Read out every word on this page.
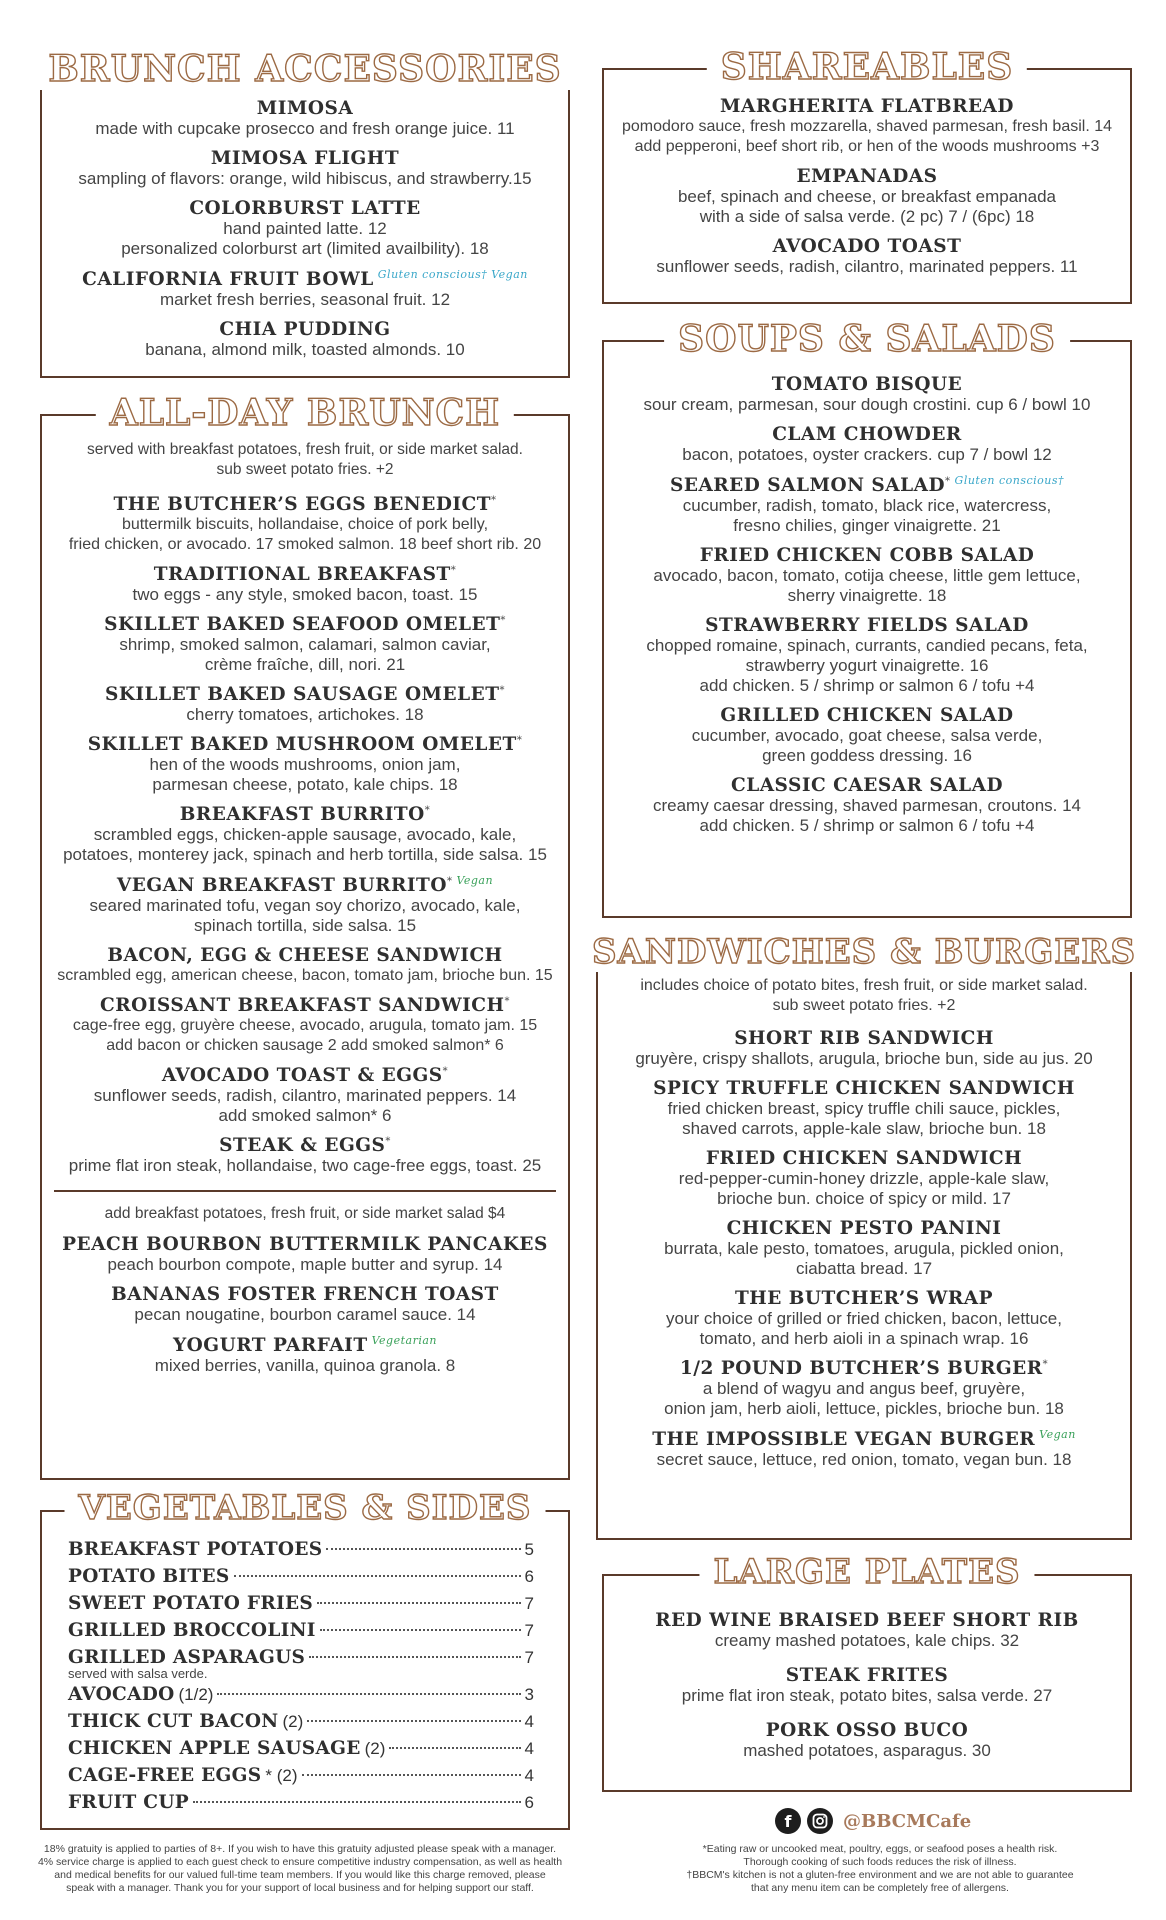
BRUNCH ACCESSORIES
MIMOSA
made with cupcake prosecco and fresh orange juice. 11
MIMOSA FLIGHT
sampling of flavors: orange, wild hibiscus, and strawberry.15
COLORBURST LATTE
hand painted latte. 12
personalized colorburst art (limited availbility). 18
CALIFORNIA FRUIT BOWL $^{Gluten conscious\dagger Vegan}$
market fresh berries, seasonal fruit. 12
CHIA PUDDING
banana, almond milk, toasted almonds. 10
ALL-DAY BRUNCH
served with breakfast potatoes, fresh fruit, or side market salad.
sub sweet potato fries. +2
THE BUTCHER’S EGGS BENEDICT*
buttermilk biscuits, hollandaise, choice of pork belly,
fried chicken, or avocado. 17 smoked salmon. 18 beef short rib. 20
TRADITIONAL BREAKFAST*
two eggs - any style, smoked bacon, toast. 15
SKILLET BAKED SEAFOOD OMELET*
shrimp, smoked salmon, calamari, salmon caviar,
crème fraîche, dill, nori. 21
SKILLET BAKED SAUSAGE OMELET*
cherry tomatoes, artichokes. 18
SKILLET BAKED MUSHROOM OMELET*
hen of the woods mushrooms, onion jam,
parmesan cheese, potato, kale chips. 18
BREAKFAST BURRITO*
scrambled eggs, chicken-apple sausage, avocado, kale,
potatoes, monterey jack, spinach and herb tortilla, side salsa. 15
VEGAN BREAKFAST BURRITO* $^{Vegan}$
seared marinated tofu, vegan soy chorizo, avocado, kale,
spinach tortilla, side salsa. 15
BACON, EGG & CHEESE SANDWICH
scrambled egg, american cheese, bacon, tomato jam, brioche bun. 15
CROISSANT BREAKFAST SANDWICH*
cage-free egg, gruyère cheese, avocado, arugula, tomato jam. 15
add bacon or chicken sausage 2 add smoked salmon* 6
AVOCADO TOAST & EGGS*
sunflower seeds, radish, cilantro, marinated peppers. 14
add smoked salmon* 6
STEAK & EGGS*
prime flat iron steak, hollandaise, two cage-free eggs, toast. 25
add breakfast potatoes, fresh fruit, or side market salad $4
PEACH BOURBON BUTTERMILK PANCAKES
peach bourbon compote, maple butter and syrup. 14
BANANAS FOSTER FRENCH TOAST
pecan nougatine, bourbon caramel sauce. 14
YOGURT PARFAIT $^{Vegetarian}$
mixed berries, vanilla, quinoa granola. 8
VEGETABLES & SIDES
BREAKFAST POTATOES	5
POTATO BITES	6
SWEET POTATO FRIES	7
GRILLED BROCCOLINI	7
GRILLED ASPARAGUS	7
served with salsa verde.
AVOCADO (1/2)	3
THICK CUT BACON (2)	4
CHICKEN APPLE SAUSAGE (2)	4
CAGE-FREE EGGS * (2)	4
FRUIT CUP	6
SHAREABLES
MARGHERITA FLATBREAD
pomodoro sauce, fresh mozzarella, shaved parmesan, fresh basil. 14
add pepperoni, beef short rib, or hen of the woods mushrooms +3
EMPANADAS
beef, spinach and cheese, or breakfast empanada
with a side of salsa verde. (2 pc) 7 / (6pc) 18
AVOCADO TOAST
sunflower seeds, radish, cilantro, marinated peppers. 11
SOUPS & SALADS
TOMATO BISQUE
sour cream, parmesan, sour dough crostini. cup 6 / bowl 10
CLAM CHOWDER
bacon, potatoes, oyster crackers. cup 7 / bowl 12
SEARED SALMON SALAD* $^{Gluten conscious\dagger}$
cucumber, radish, tomato, black rice, watercress,
fresno chilies, ginger vinaigrette. 21
FRIED CHICKEN COBB SALAD
avocado, bacon, tomato, cotija cheese, little gem lettuce,
sherry vinaigrette. 18
STRAWBERRY FIELDS SALAD
chopped romaine, spinach, currants, candied pecans, feta,
strawberry yogurt vinaigrette. 16
add chicken. 5 / shrimp or salmon 6 / tofu +4
GRILLED CHICKEN SALAD
cucumber, avocado, goat cheese, salsa verde,
green goddess dressing. 16
CLASSIC CAESAR SALAD
creamy caesar dressing, shaved parmesan, croutons. 14
add chicken. 5 / shrimp or salmon 6 / tofu +4
SANDWICHES & BURGERS
includes choice of potato bites, fresh fruit, or side market salad.
sub sweet potato fries. +2
SHORT RIB SANDWICH
gruyère, crispy shallots, arugula, brioche bun, side au jus. 20
SPICY TRUFFLE CHICKEN SANDWICH
fried chicken breast, spicy truffle chili sauce, pickles,
shaved carrots, apple-kale slaw, brioche bun. 18
FRIED CHICKEN SANDWICH
red-pepper-cumin-honey drizzle, apple-kale slaw,
brioche bun. choice of spicy or mild. 17
CHICKEN PESTO PANINI
burrata, kale pesto, tomatoes, arugula, pickled onion,
ciabatta bread. 17
THE BUTCHER’S WRAP
your choice of grilled or fried chicken, bacon, lettuce,
tomato, and herb aioli in a spinach wrap. 16
1/2 POUND BUTCHER’S BURGER*
a blend of wagyu and angus beef, gruyère,
onion jam, herb aioli, lettuce, pickles, brioche bun. 18
THE IMPOSSIBLE VEGAN BURGER $^{Vegan}$
secret sauce, lettuce, red onion, tomato, vegan bun. 18
LARGE PLATES
RED WINE BRAISED BEEF SHORT RIB
creamy mashed potatoes, kale chips. 32
STEAK FRITES
prime flat iron steak, potato bites, salsa verde. 27
PORK OSSO BUCO
mashed potatoes, asparagus. 30
f	@BBCMCafe
18% gratuity is applied to parties of 8+. If you wish to have this gratuity adjusted please speak with a manager.
4% service charge is applied to each guest check to ensure competitive industry compensation, as well as health
and medical benefits for our valued full-time team members. If you would like this charge removed, please
speak with a manager. Thank you for your support of local business and for helping support our staff.
*Eating raw or uncooked meat, poultry, eggs, or seafood poses a health risk.
Thorough cooking of such foods reduces the risk of illness.
†BBCM's kitchen is not a gluten-free environment and we are not able to guarantee
that any menu item can be completely free of allergens.
